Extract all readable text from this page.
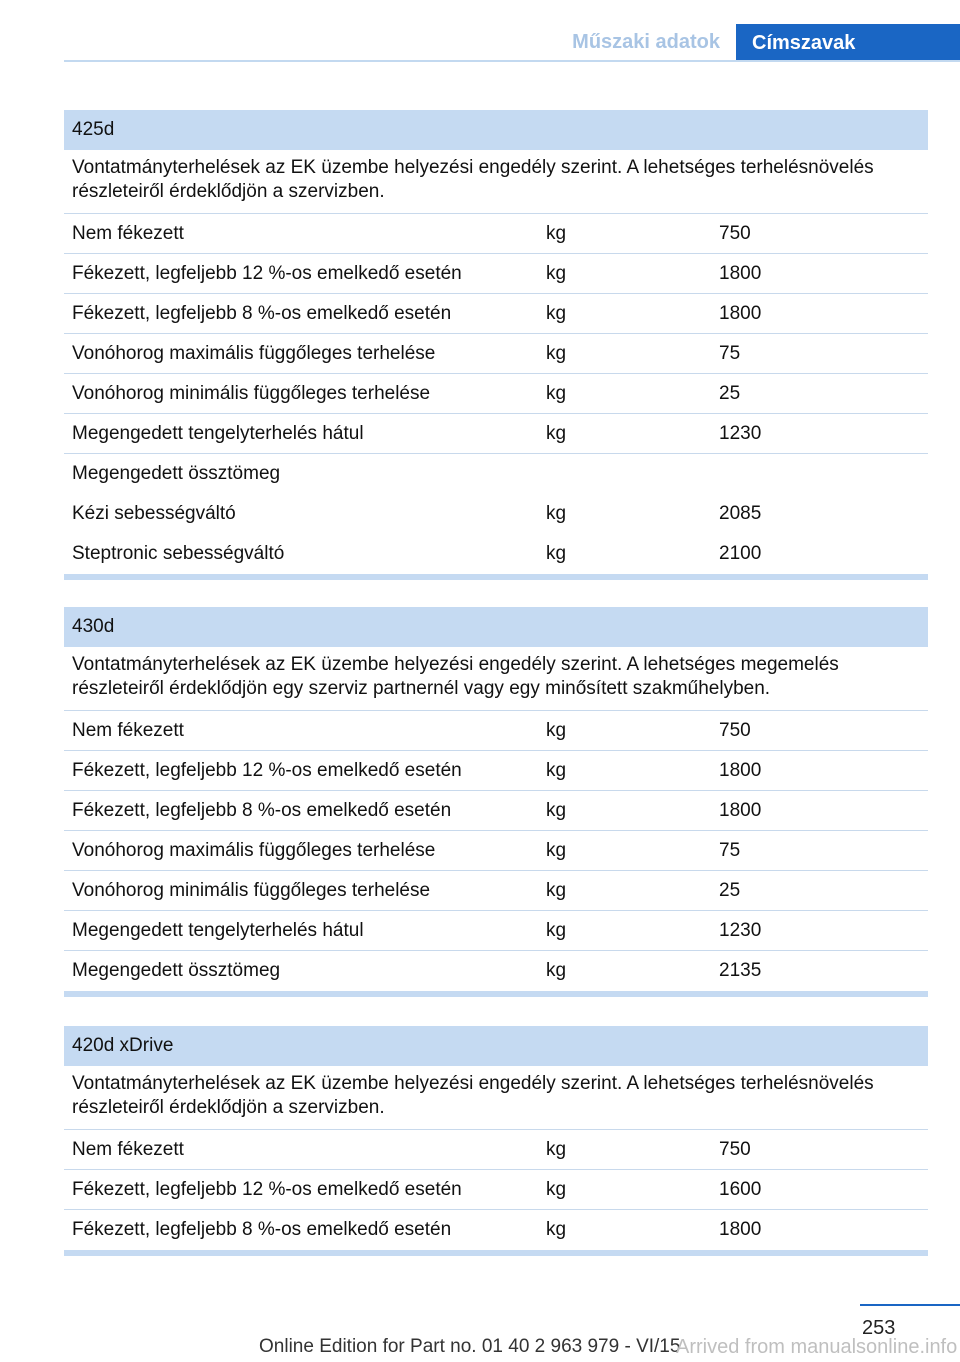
Műszaki adatok	Címszavak
425d
Vontatmányterhelések az EK üzembe helyezési engedély szerint. A lehetséges terhelésnövelés részleteiről érdeklődjön a szervizben.
Nem fékezett	kg	750
Fékezett, legfeljebb 12 %-os emelkedő esetén	kg	1800
Fékezett, legfeljebb 8 %-os emelkedő esetén	kg	1800
Vonóhorog maximális függőleges terhelése	kg	75
Vonóhorog minimális függőleges terhelése	kg	25
Megengedett tengelyterhelés hátul	kg	1230
Megengedett össztömeg
Kézi sebességváltó	kg	2085
Steptronic sebességváltó	kg	2100
430d
Vontatmányterhelések az EK üzembe helyezési engedély szerint. A lehetséges megemelés részleteiről érdeklődjön egy szerviz partnernél vagy egy minősített szakműhelyben.
Nem fékezett	kg	750
Fékezett, legfeljebb 12 %-os emelkedő esetén	kg	1800
Fékezett, legfeljebb 8 %-os emelkedő esetén	kg	1800
Vonóhorog maximális függőleges terhelése	kg	75
Vonóhorog minimális függőleges terhelése	kg	25
Megengedett tengelyterhelés hátul	kg	1230
Megengedett össztömeg	kg	2135
420d xDrive
Vontatmányterhelések az EK üzembe helyezési engedély szerint. A lehetséges terhelésnövelés részleteiről érdeklődjön a szervizben.
Nem fékezett	kg	750
Fékezett, legfeljebb 12 %-os emelkedő esetén	kg	1600
Fékezett, legfeljebb 8 %-os emelkedő esetén	kg	1800
253
Online Edition for Part no. 01 40 2 963 979 - VI/15
Arrived from manualsonline.info
